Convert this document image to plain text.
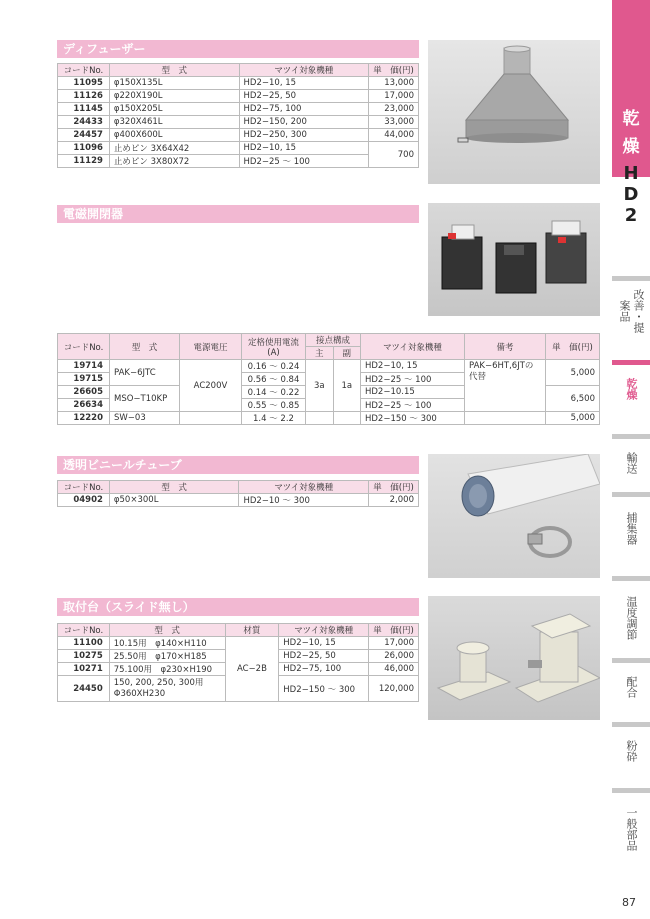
ディフューザー
コードNo.	型　式	マツイ対象機種	単　価(円)
11095	φ150X135L	HD2−10, 15	13,000
11126	φ220X190L	HD2−25, 50	17,000
11145	φ150X205L	HD2−75, 100	23,000
24433	φ320X461L	HD2−150, 200	33,000
24457	φ400X600L	HD2−250, 300	44,000
11096	止めピン 3X64X42	HD2−10, 15	700
11129	止めピン 3X80X72	HD2−25 〜 100	
電磁開閉器
コードNo.	型　式	電源電圧	定格使用電流
(A)	接点構成		マツイ対象機種	備考	単　価(円)
				主	副			
19714	PAK−6JTC	AC200V	0.16 〜 0.24	3a	1a	HD2−10, 15	PAK−6HT,6JTの代替	5,000
19715			0.56 〜 0.84			HD2−25 〜 100		
26605	MSO−T10KP		0.14 〜 0.22			HD2−10.15		6,500
26634			0.55 〜 0.85			HD2−25 〜 100		
12220	SW−03		1.4 〜 2.2			HD2−150 〜 300		5,000
透明ビニールチューブ
コードNo.	型　式	マツイ対象機種	単　価(円)
04902	φ50×300L	HD2−10 〜 300	2,000
取付台（スライド無し）
コードNo.	型　式	材質	マツイ対象機種	単　価(円)
11100	10.15用　φ140×H110	AC−2B	HD2−10, 15	17,000
10275	25.50用　φ170×H185		HD2−25, 50	26,000
10271	75.100用　φ230×H190		HD2−75, 100	46,000
24450	150, 200, 250, 300用
Φ360XH230		HD2−150 〜 300	120,000
乾
燥
H
D
2
改善・提案品
乾燥
輸送
捕集器
温度調節
配合
粉砕
一般部品
87
